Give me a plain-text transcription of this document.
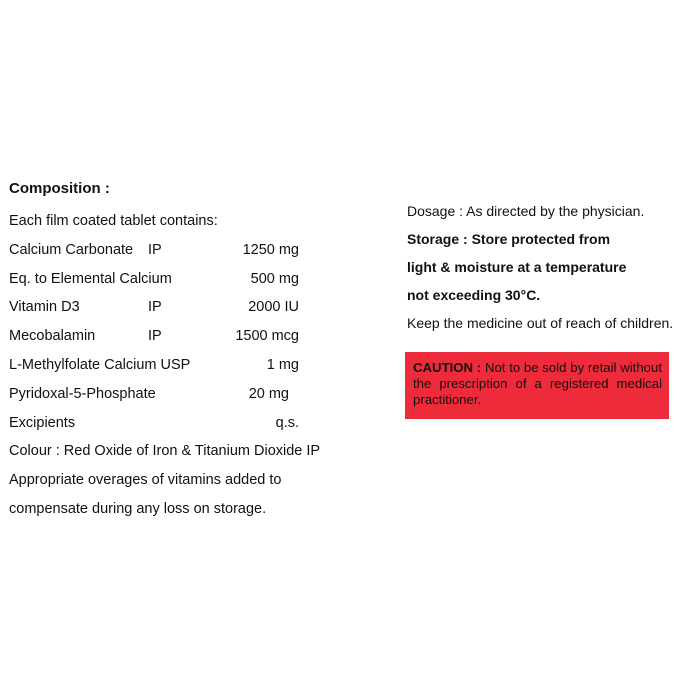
Composition :
Each film coated tablet contains:
Calcium Carbonate IP	1250 mg
Eq. to Elemental Calcium	500 mg
Vitamin D3	IP	2000 IU
Mecobalamin	IP	1500 mcg
L-Methylfolate Calcium USP	1 mg
Pyridoxal-5-Phosphate	20 mg
Excipients	q.s.
Colour : Red Oxide of Iron & Titanium Dioxide IP
Appropriate overages of vitamins added to
compensate during any loss on storage.
Dosage : As directed by the physician.
Storage : Store protected from
light & moisture at a temperature
not exceeding 30°C.
Keep the medicine out of reach of children.
CAUTION : Not to be sold by retail without the prescription of a registered medical practitioner.
